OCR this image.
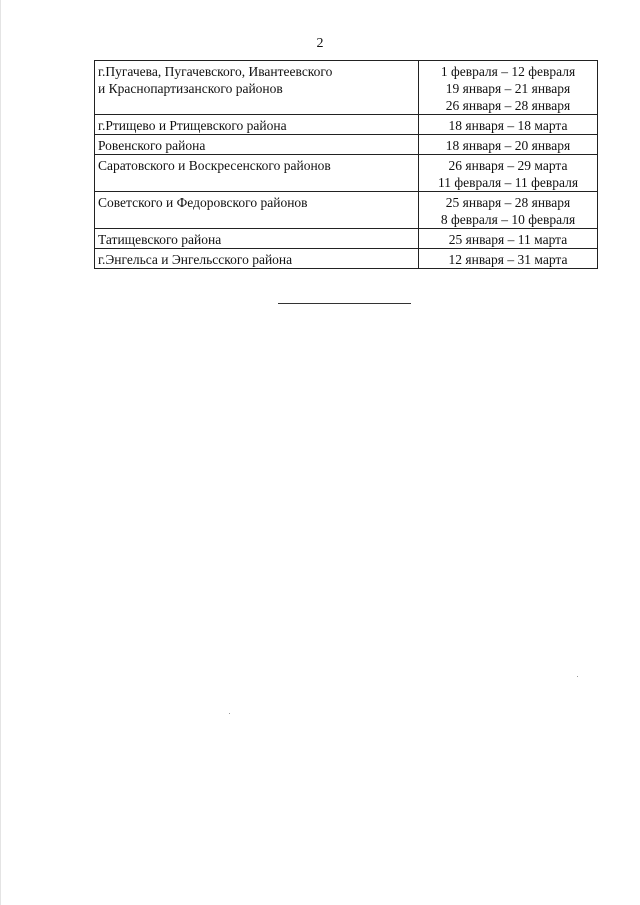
2
г.Пугачева, Пугачевского, Ивантеевского
и Краснопартизанского районов	1 февраля – 12 февраля
19 января – 21 января
26 января – 28 января

г.Ртищево и Ртищевского района	18 января – 18 марта

Ровенского района	18 января – 20 января

Саратовского и Воскресенского районов	26 января – 29 марта
11 февраля – 11 февраля

Советского и Федоровского районов	25 января – 28 января
8 февраля – 10 февраля

Татищевского района	25 января – 11 марта

г.Энгельса и Энгельсского района	12 января – 31 марта
